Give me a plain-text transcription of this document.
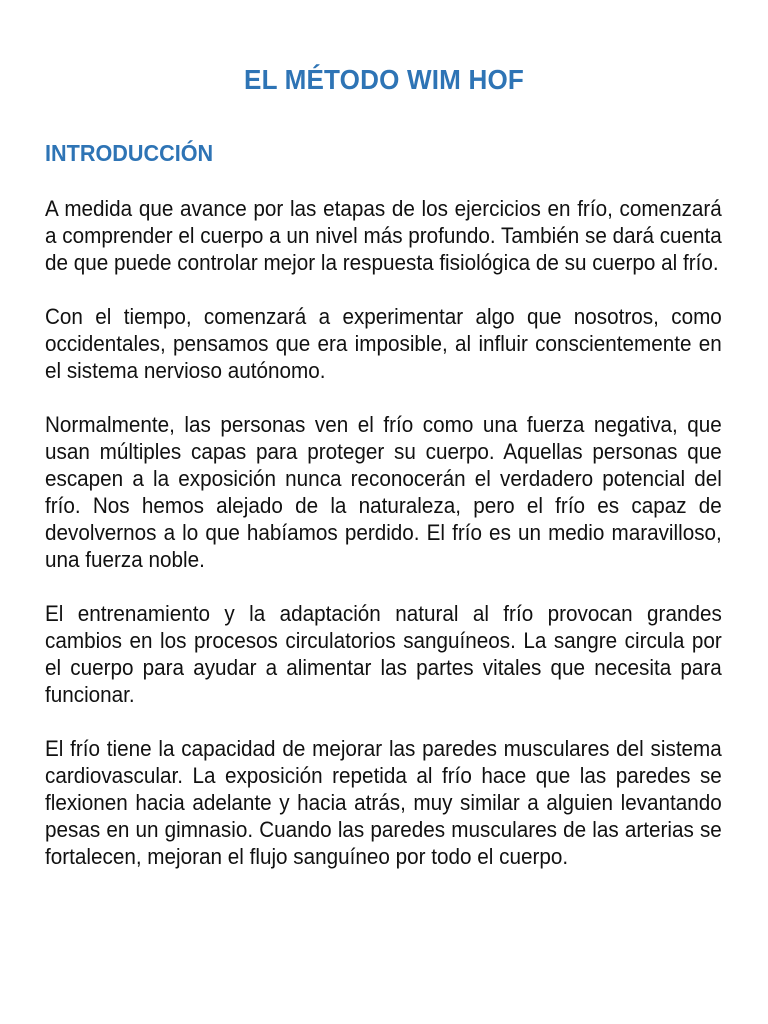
EL MÉTODO WIM HOF
INTRODUCCIÓN

A medida que avance por las etapas de los ejercicios en frío, comenzará a comprender el cuerpo a un nivel más profundo. También se dará cuenta de que puede controlar mejor la respuesta fisiológica de su cuerpo al frío.

Con el tiempo, comenzará a experimentar algo que nosotros, como occidentales, pensamos que era imposible, al influir conscientemente en el sistema nervioso autónomo.

Normalmente, las personas ven el frío como una fuerza negativa, que usan múltiples capas para proteger su cuerpo. Aquellas personas que escapen a la exposición nunca reconocerán el verdadero potencial del frío. Nos hemos alejado de la naturaleza, pero el frío es capaz de devolvernos a lo que habíamos perdido. El frío es un medio maravilloso, una fuerza noble.

El entrenamiento y la adaptación natural al frío provocan grandes cambios en los procesos circulatorios sanguíneos. La sangre circula por el cuerpo para ayudar a alimentar las partes vitales que necesita para funcionar.

El frío tiene la capacidad de mejorar las paredes musculares del sistema cardiovascular. La exposición repetida al frío hace que las paredes se flexionen hacia adelante y hacia atrás, muy similar a alguien levantando pesas en un gimnasio. Cuando las paredes musculares de las arterias se fortalecen, mejoran el flujo sanguíneo por todo el cuerpo.
